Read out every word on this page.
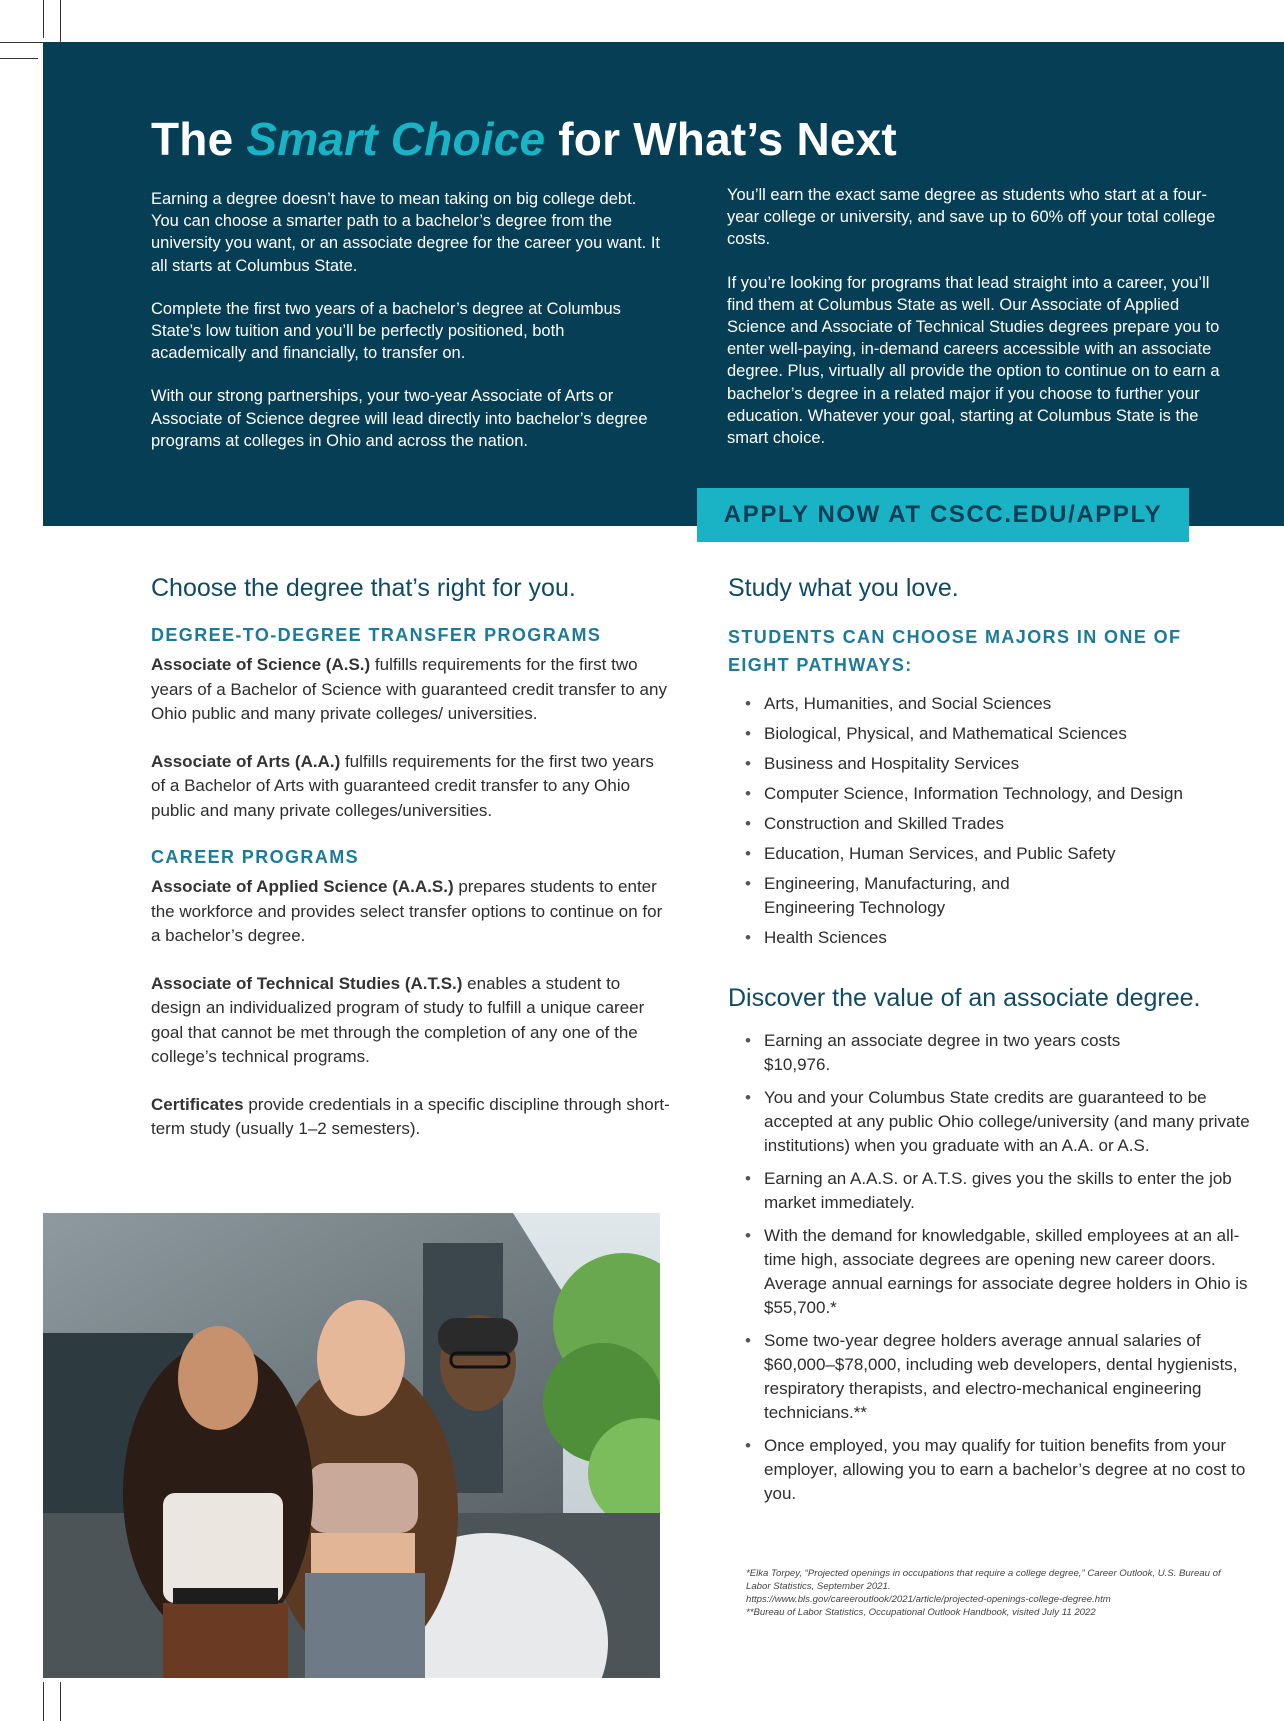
The Smart Choice for What’s Next

Earning a degree doesn’t have to mean taking on big college debt. You can choose a smarter path to a bachelor’s degree from the university you want, or an associate degree for the career you want. It all starts at Columbus State.

Complete the first two years of a bachelor’s degree at Columbus State’s low tuition and you’ll be perfectly positioned, both academically and financially, to transfer on.

With our strong partnerships, your two-year Associate of Arts or Associate of Science degree will lead directly into bachelor’s degree programs at colleges in Ohio and across the nation.

You’ll earn the exact same degree as students who start at a four-year college or university, and save up to 60% off your total college costs.

If you’re looking for programs that lead straight into a career, you’ll find them at Columbus State as well. Our Associate of Applied Science and Associate of Technical Studies degrees prepare you to enter well-paying, in-demand careers accessible with an associate degree. Plus, virtually all provide the option to continue on to earn a bachelor’s degree in a related major if you choose to further your education. Whatever your goal, starting at Columbus State is the smart choice.

APPLY NOW AT CSCC.EDU/APPLY
Choose the degree that’s right for you.
DEGREE-TO-DEGREE TRANSFER PROGRAMS

Associate of Science (A.S.) fulfills requirements for the first two years of a Bachelor of Science with guaranteed credit transfer to any Ohio public and many private colleges/ universities.

Associate of Arts (A.A.) fulfills requirements for the first two years of a Bachelor of Arts with guaranteed credit transfer to any Ohio public and many private colleges/universities.

CAREER PROGRAMS

Associate of Applied Science (A.A.S.) prepares students to enter the workforce and provides select transfer options to continue on for a bachelor’s degree.

Associate of Technical Studies (A.T.S.) enables a student to design an individualized program of study to fulfill a unique career goal that cannot be met through the completion of any one of the college’s technical programs.

Certificates provide credentials in a specific discipline through short-term study (usually 1–2 semesters).

Study what you love.
STUDENTS CAN CHOOSE MAJORS IN ONE OF EIGHT PATHWAYS:
• Arts, Humanities, and Social Sciences
• Biological, Physical, and Mathematical Sciences
• Business and Hospitality Services
• Computer Science, Information Technology, and Design
• Construction and Skilled Trades
• Education, Human Services, and Public Safety
• Engineering, Manufacturing, and Engineering Technology
• Health Sciences
Discover the value of an associate degree.
• Earning an associate degree in two years costs $10,976.
• You and your Columbus State credits are guaranteed to be accepted at any public Ohio college/university (and many private institutions) when you graduate with an A.A. or A.S.
• Earning an A.A.S. or A.T.S. gives you the skills to enter the job market immediately.
• With the demand for knowledgable, skilled employees at an all-time high, associate degrees are opening new career doors. Average annual earnings for associate degree holders in Ohio is $55,700.*
• Some two-year degree holders average annual salaries of $60,000–$78,000, including web developers, dental hygienists, respiratory therapists, and electro-mechanical engineering technicians.**
• Once employed, you may qualify for tuition benefits from your employer, allowing you to earn a bachelor’s degree at no cost to you.

*Elka Torpey, “Projected openings in occupations that require a college degree,” Career Outlook, U.S. Bureau of Labor Statistics, September 2021.

https://www.bls.gov/careeroutlook/2021/article/projected-openings-college-degree.htm

**Bureau of Labor Statistics, Occupational Outlook Handbook, visited July 11 2022
